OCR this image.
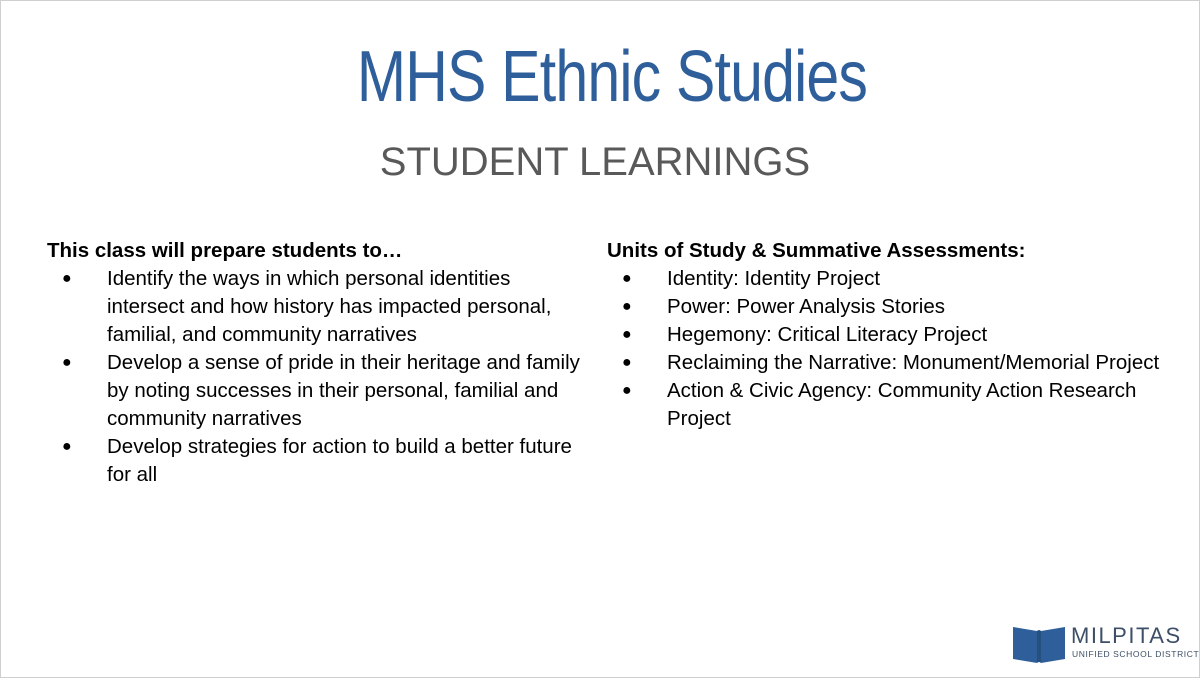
MHS Ethnic Studies
STUDENT LEARNINGS
This class will prepare students to…
● Identify the ways in which personal identities intersect and how history has impacted personal, familial, and community narratives
● Develop a sense of pride in their heritage and family by noting successes in their personal, familial and community narratives
● Develop strategies for action to build a better future for all
Units of Study & Summative Assessments:
● Identity: Identity Project
● Power: Power Analysis Stories
● Hegemony: Critical Literacy Project
● Reclaiming the Narrative: Monument/Memorial Project
● Action & Civic Agency: Community Action Research Project
MILPITAS
UNIFIED SCHOOL DISTRICT
